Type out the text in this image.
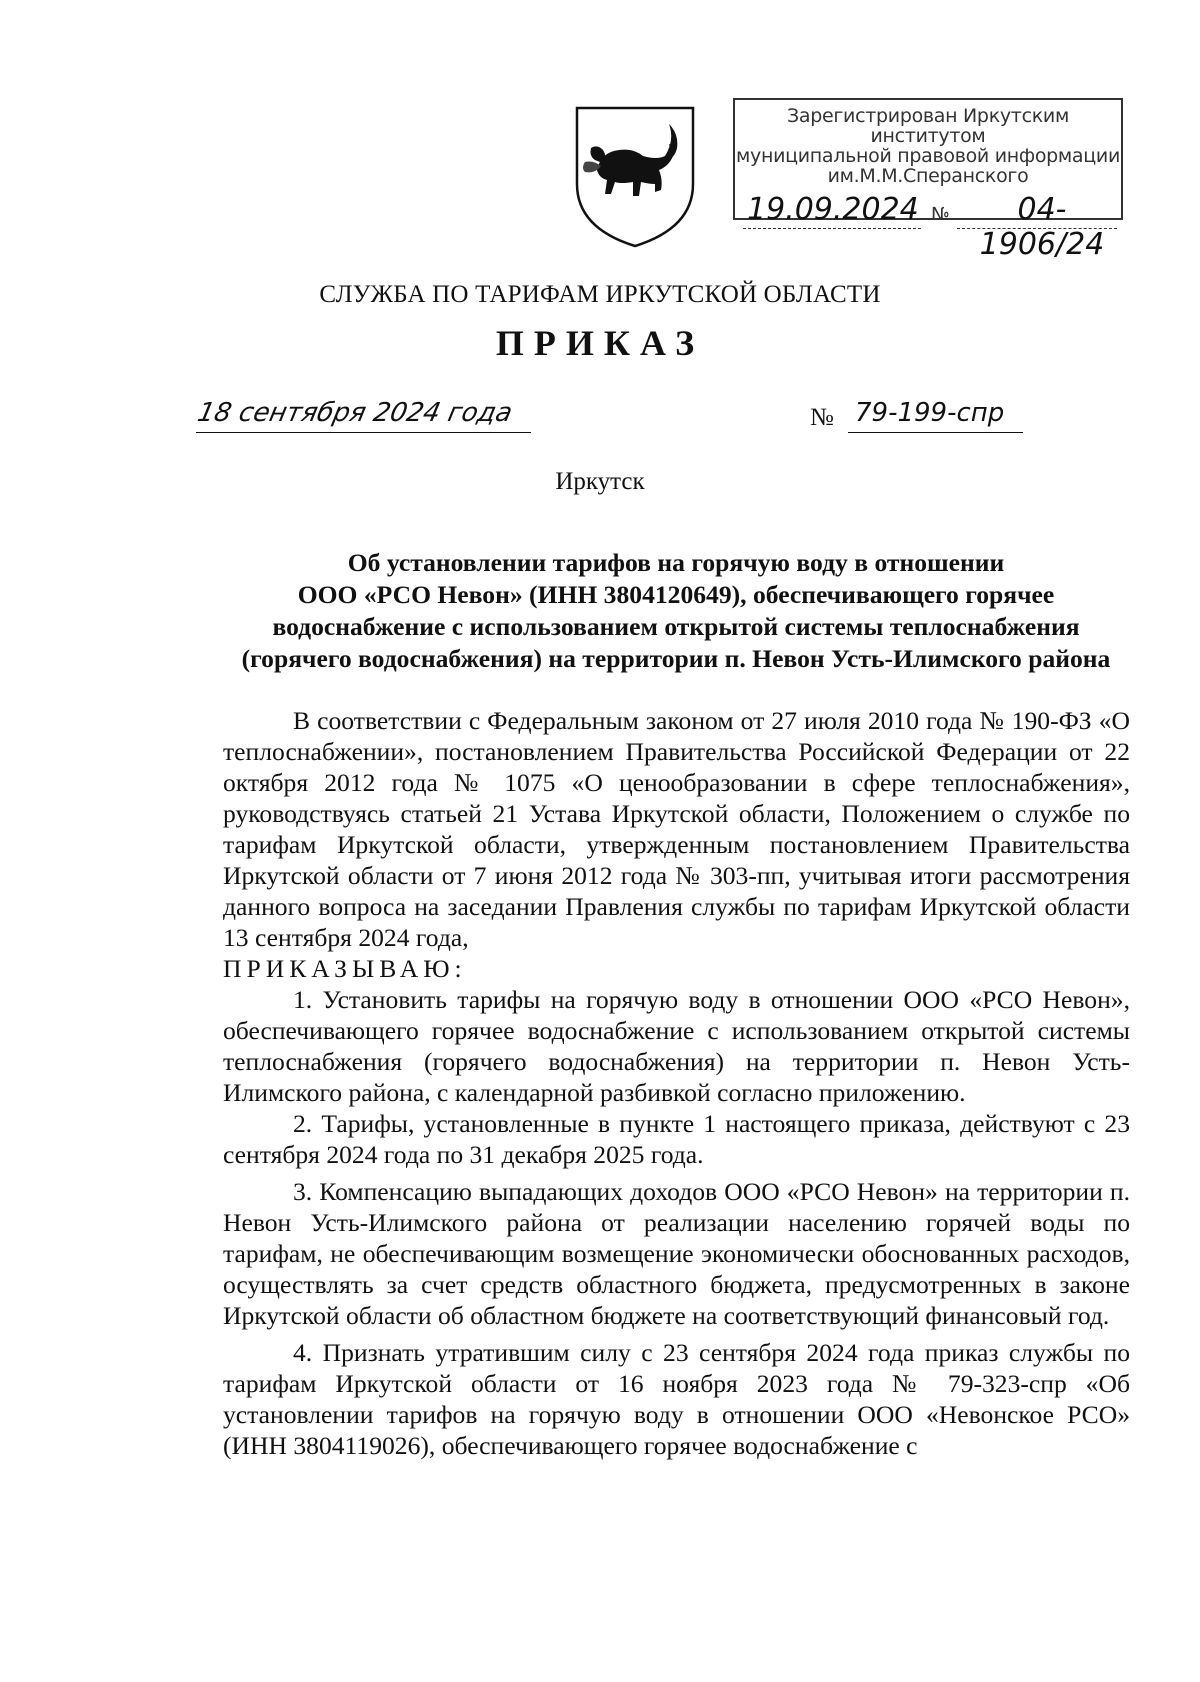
Зарегистрирован Иркутским институтом
муниципальной правовой информации
им.М.М.Сперанского
19.09.2024 №	04-1906/24
СЛУЖБА ПО ТАРИФАМ ИРКУТСКОЙ ОБЛАСТИ
ПРИКАЗ
18 сентября 2024 года	№ 79-199-спр
Иркутск
Об установлении тарифов на горячую воду в отношении
ООО «РСО Невон» (ИНН 3804120649), обеспечивающего горячее
водоснабжение с использованием открытой системы теплоснабжения
(горячего водоснабжения) на территории п. Невон Усть-Илимского района

В соответствии с Федеральным законом от 27 июля 2010 года № 190-ФЗ «О теплоснабжении», постановлением Правительства Российской Федерации от 22 октября 2012 года № 1075 «О ценообразовании в сфере теплоснабжения», руководствуясь статьей 21 Устава Иркутской области, Положением о службе по тарифам Иркутской области, утвержденным постановлением Правительства Иркутской области от 7 июня 2012 года № 303-пп, учитывая итоги рассмотрения данного вопроса на заседании Правления службы по тарифам Иркутской области 13 сентября 2024 года,

ПРИКАЗЫВАЮ:

1. Установить тарифы на горячую воду в отношении ООО «РСО Невон», обеспечивающего горячее водоснабжение с использованием открытой системы теплоснабжения (горячего водоснабжения) на территории п. Невон Усть-Илимского района, с календарной разбивкой согласно приложению.

2. Тарифы, установленные в пункте 1 настоящего приказа, действуют с 23 сентября 2024 года по 31 декабря 2025 года.

3. Компенсацию выпадающих доходов ООО «РСО Невон» на территории п. Невон Усть-Илимского района от реализации населению горячей воды по тарифам, не обеспечивающим возмещение экономически обоснованных расходов, осуществлять за счет средств областного бюджета, предусмотренных в законе Иркутской области об областном бюджете на соответствующий финансовый год.

4. Признать утратившим силу с 23 сентября 2024 года приказ службы по тарифам Иркутской области от 16 ноября 2023 года № 79-323-спр «Об установлении тарифов на горячую воду в отношении ООО «Невонское РСО» (ИНН 3804119026), обеспечивающего горячее водоснабжение с
